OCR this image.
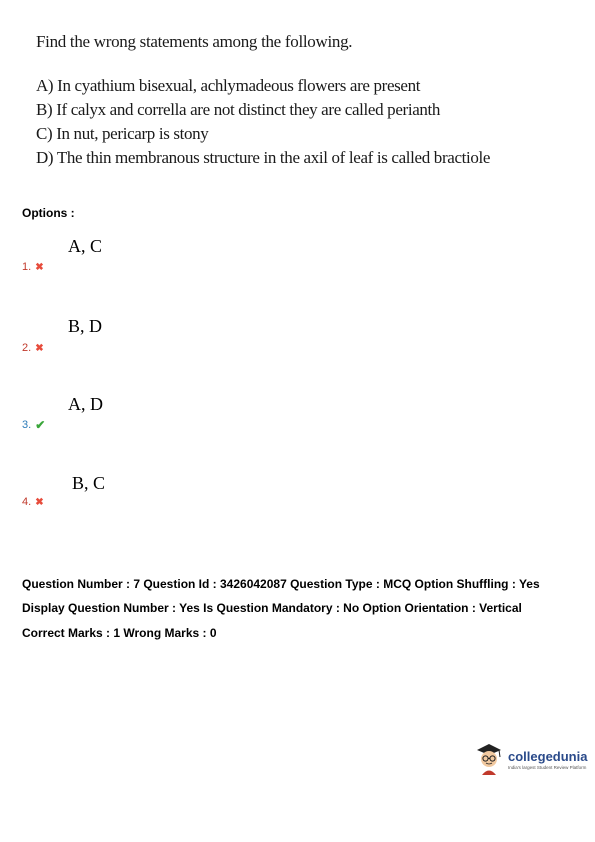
Find the wrong statements among the following.

A) In cyathium bisexual, achlymadeous flowers are present

B) If calyx and corrella are not distinct they are called perianth

C) In nut, pericarp is stony

D) The thin membranous structure in the axil of leaf is called bractiole

Options :
A, C
1. ✖
B, D
2. ✖
A, D
3. ✔
B, C
4. ✖
Question Number : 7 Question Id : 3426042087 Question Type : MCQ Option Shuffling : Yes
Display Question Number : Yes Is Question Mandatory : No Option Orientation : Vertical
Correct Marks : 1 Wrong Marks : 0
collegedunia
India's largest Student Review Platform
